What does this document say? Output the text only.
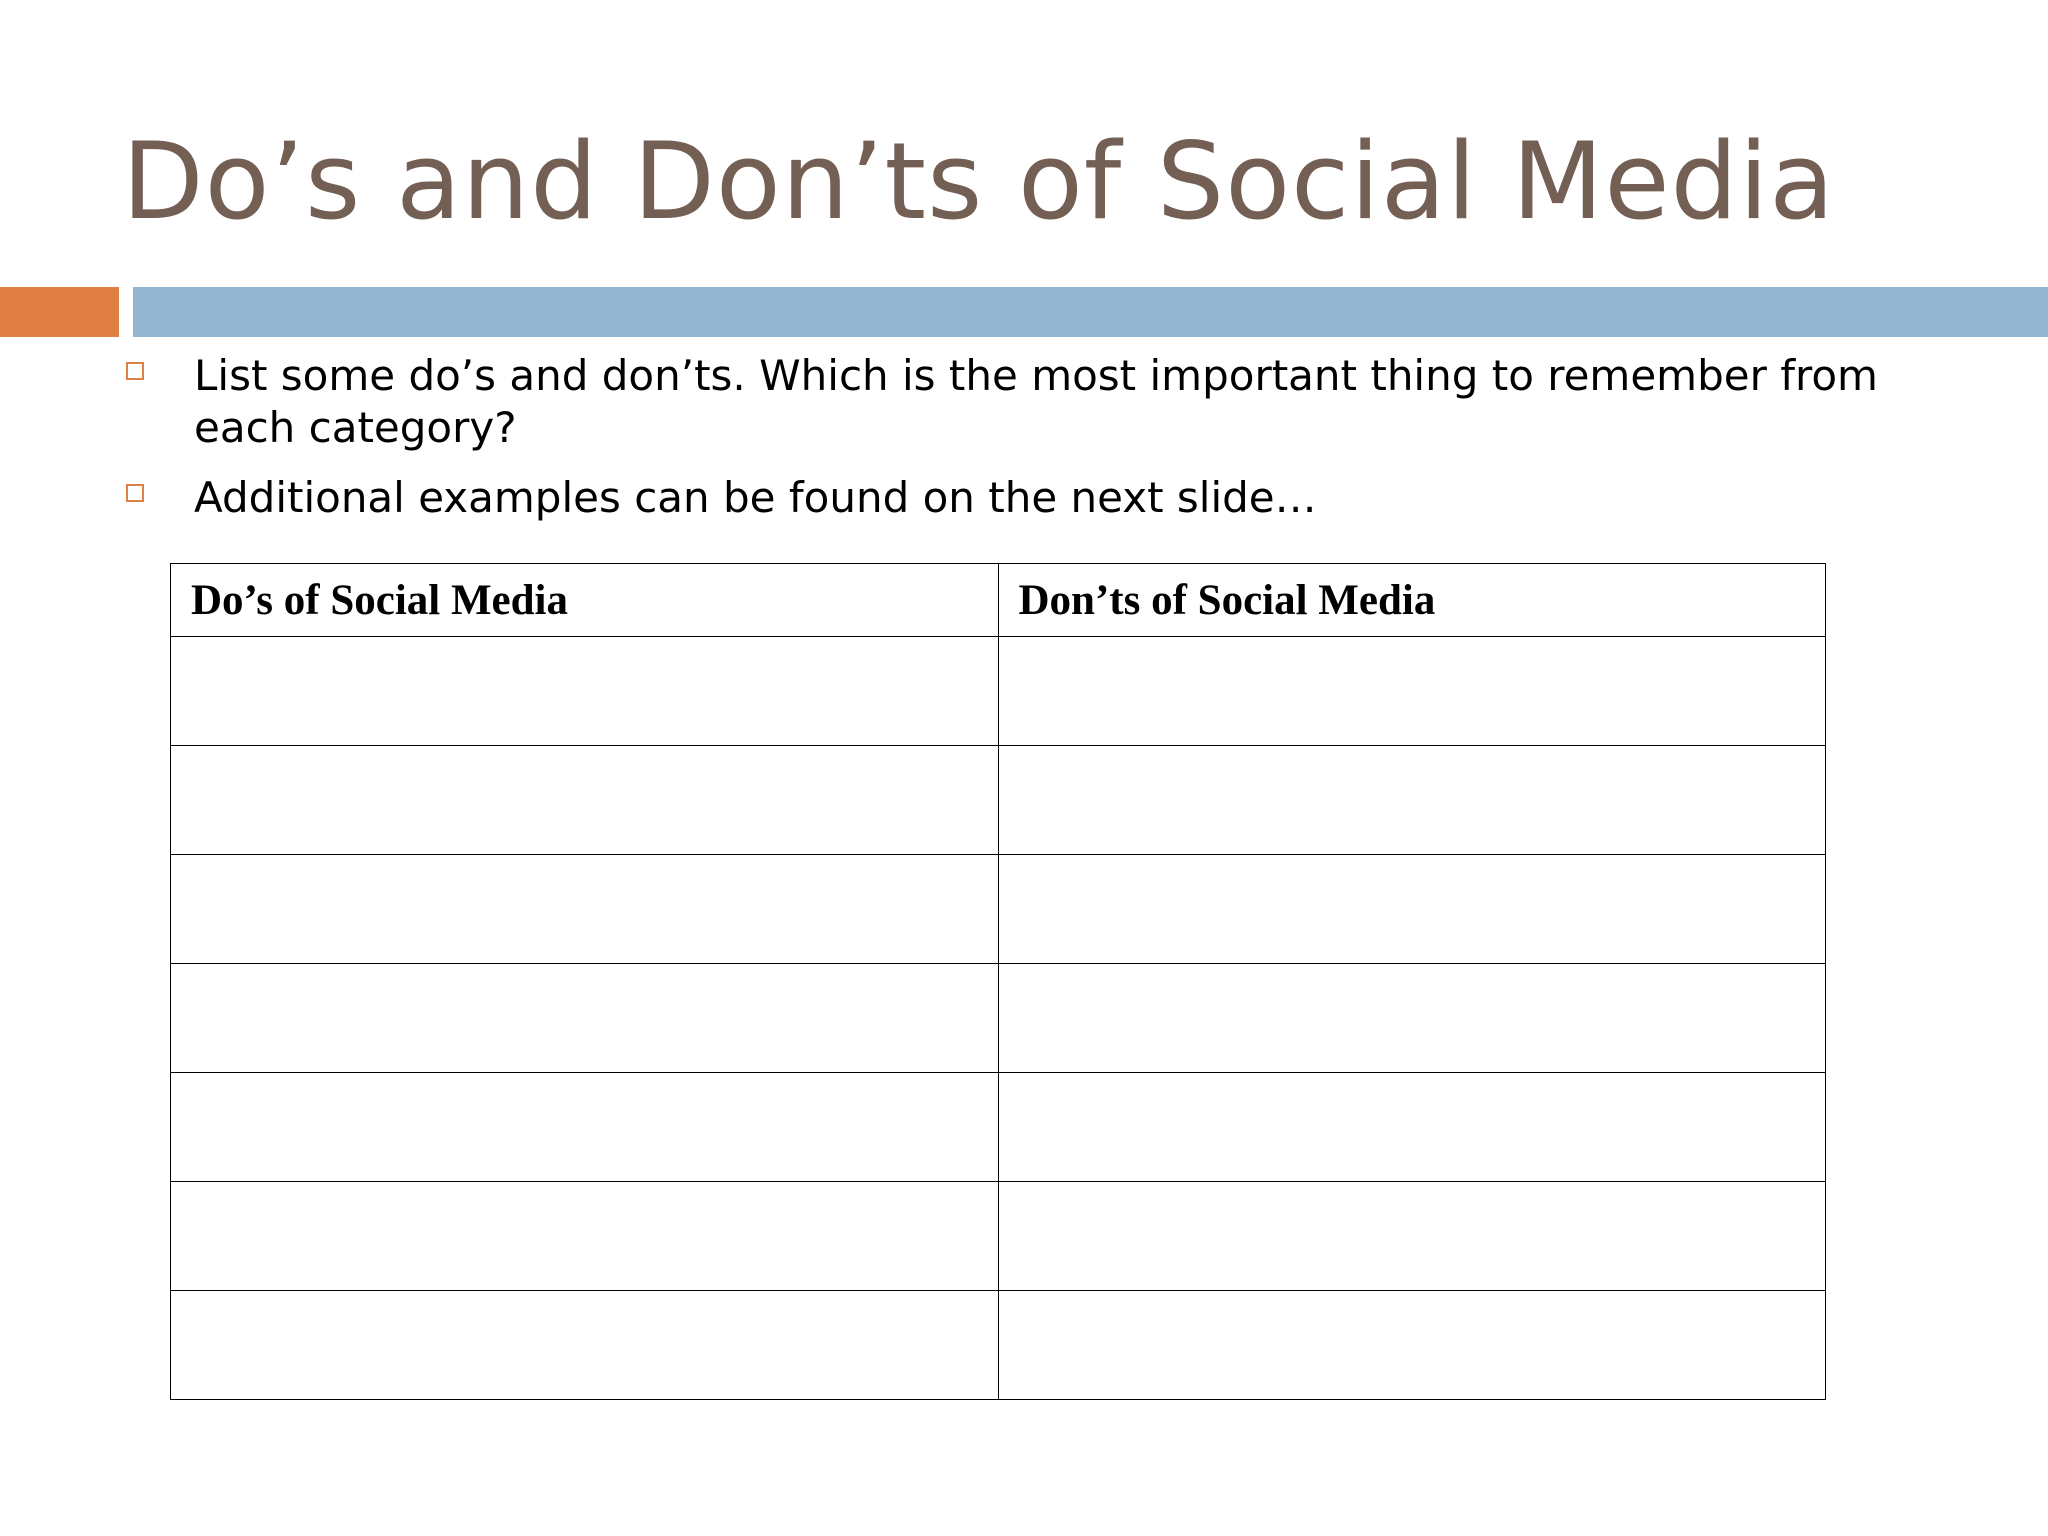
Do’s and Don’ts of Social Media
List some do’s and don’ts. Which is the most important thing to remember from each category?
Additional examples can be found on the next slide…
Do’s of Social Media	Don’ts of Social Media
